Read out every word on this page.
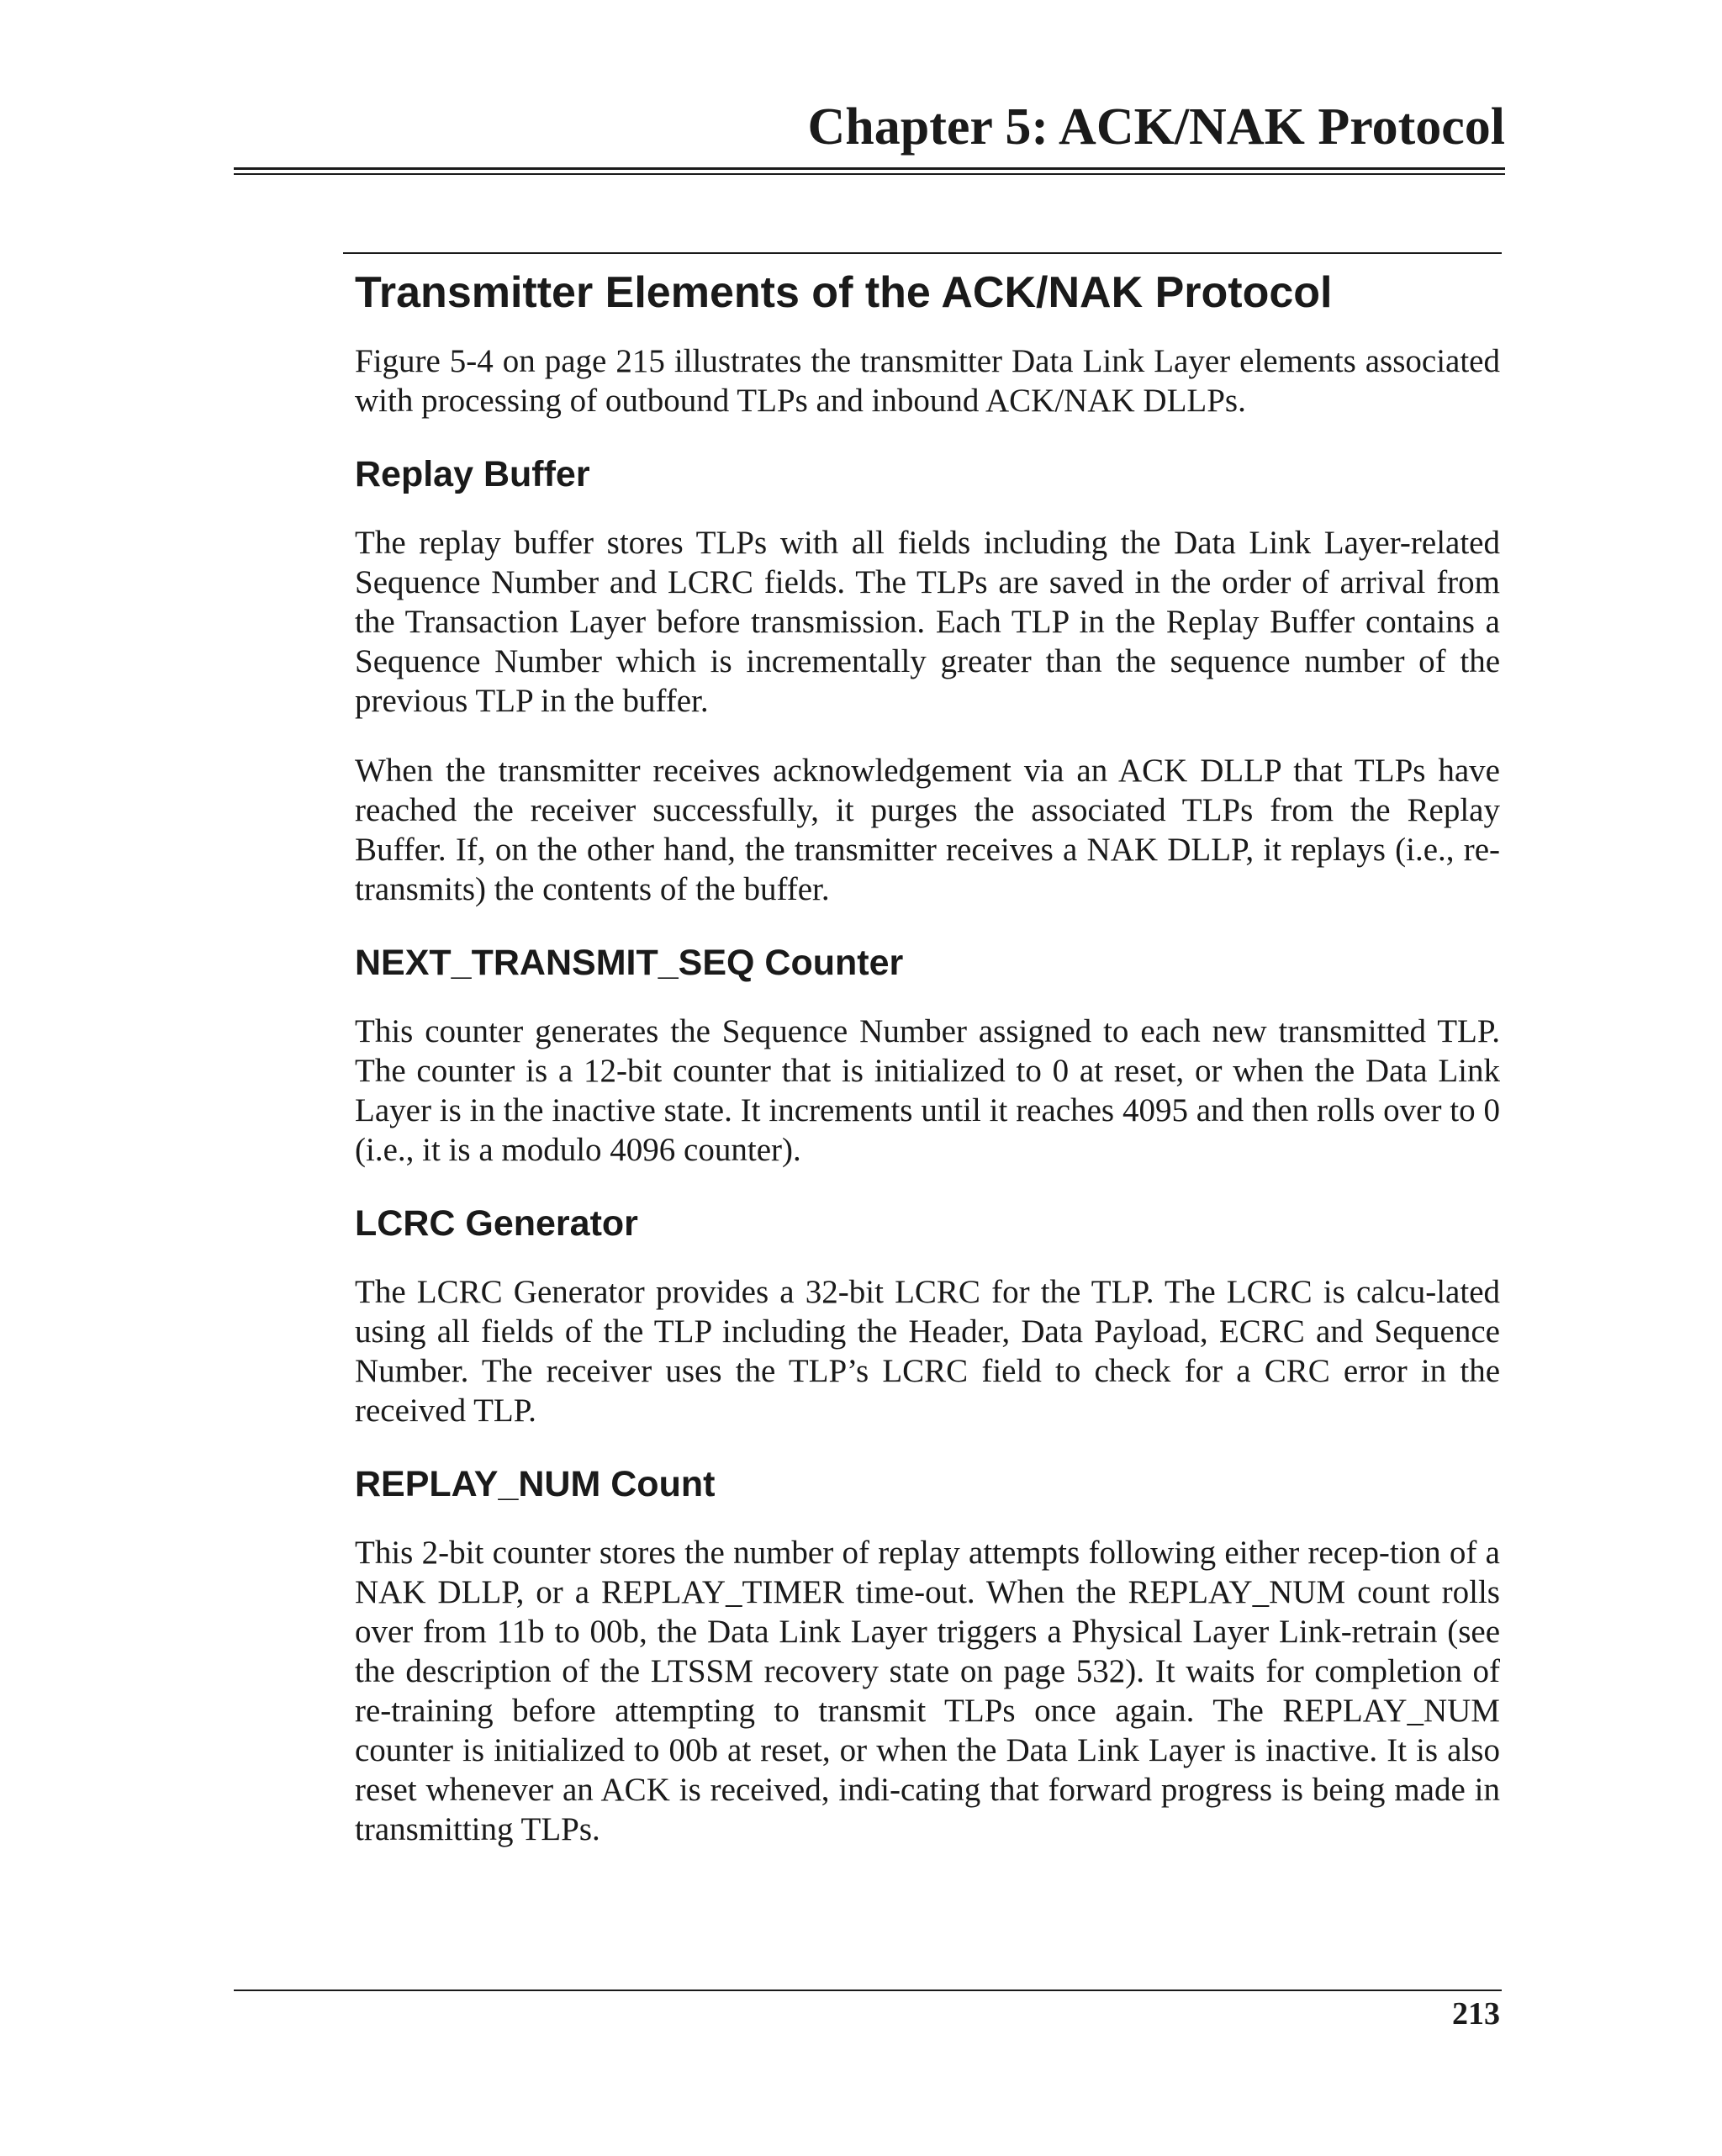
Chapter 5: ACK/NAK Protocol
Transmitter Elements of the ACK/NAK Protocol

Figure 5-4 on page 215 illustrates the transmitter Data Link Layer elements associated with processing of outbound TLPs and inbound ACK/NAK DLLPs.

Replay Buffer

The replay buffer stores TLPs with all fields including the Data Link Layer-related Sequence Number and LCRC fields. The TLPs are saved in the order of arrival from the Transaction Layer before transmission. Each TLP in the Replay Buffer contains a Sequence Number which is incrementally greater than the sequence number of the previous TLP in the buffer.

When the transmitter receives acknowledgement via an ACK DLLP that TLPs have reached the receiver successfully, it purges the associated TLPs from the Replay Buffer. If, on the other hand, the transmitter receives a NAK DLLP, it replays (i.e., re-transmits) the contents of the buffer.

NEXT_TRANSMIT_SEQ Counter

This counter generates the Sequence Number assigned to each new transmitted TLP. The counter is a 12-bit counter that is initialized to 0 at reset, or when the Data Link Layer is in the inactive state. It increments until it reaches 4095 and then rolls over to 0 (i.e., it is a modulo 4096 counter).

LCRC Generator

The LCRC Generator provides a 32-bit LCRC for the TLP. The LCRC is calcu-lated using all fields of the TLP including the Header, Data Payload, ECRC and Sequence Number. The receiver uses the TLP’s LCRC field to check for a CRC error in the received TLP.

REPLAY_NUM Count

This 2-bit counter stores the number of replay attempts following either recep-tion of a NAK DLLP, or a REPLAY_TIMER time-out. When the REPLAY_NUM count rolls over from 11b to 00b, the Data Link Layer triggers a Physical Layer Link-retrain (see the description of the LTSSM recovery state on page 532). It waits for completion of re-training before attempting to transmit TLPs once again. The REPLAY_NUM counter is initialized to 00b at reset, or when the Data Link Layer is inactive. It is also reset whenever an ACK is received, indi-cating that forward progress is being made in transmitting TLPs.

213
